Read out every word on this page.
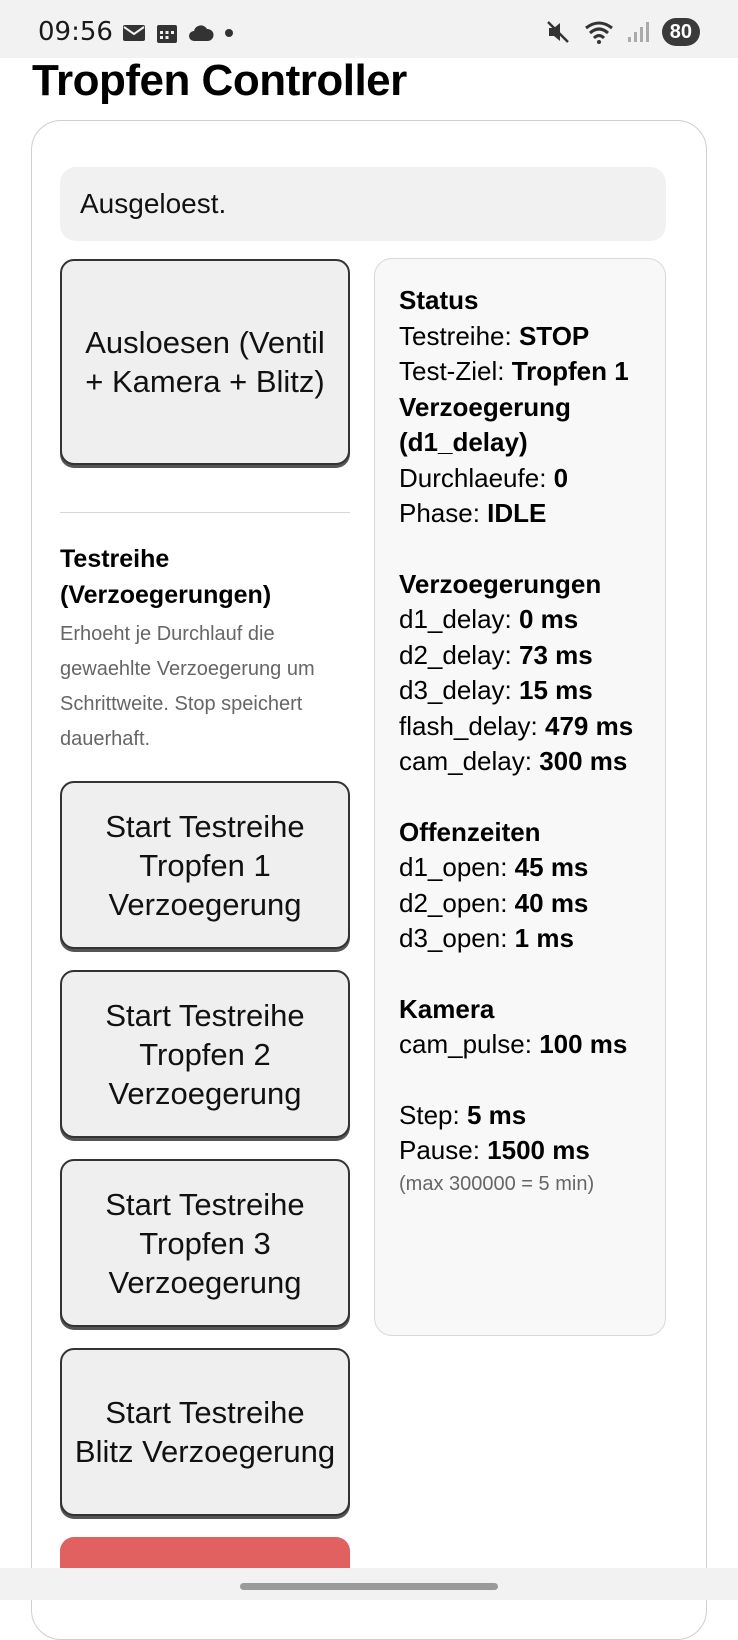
09:56	80
Tropfen Controller
Ausgeloest.
Ausloesen (Ventil + Kamera + Blitz)
Testreihe (Verzoegerungen)
Erhoeht je Durchlauf die gewaehlte Verzoegerung um Schrittweite. Stop speichert dauerhaft.
Start Testreihe Tropfen 1 Verzoegerung
Start Testreihe Tropfen 2 Verzoegerung
Start Testreihe Tropfen 3 Verzoegerung
Start Testreihe Blitz Verzoegerung
Status
Testreihe: STOP
Test-Ziel: Tropfen 1 Verzoegerung (d1_delay)
Durchlaeufe: 0
Phase: IDLE
Verzoegerungen
d1_delay: 0 ms
d2_delay: 73 ms
d3_delay: 15 ms
flash_delay: 479 ms
cam_delay: 300 ms
Offenzeiten
d1_open: 45 ms
d2_open: 40 ms
d3_open: 1 ms
Kamera
cam_pulse: 100 ms
Step: 5 ms
Pause: 1500 ms
(max 300000 = 5 min)
